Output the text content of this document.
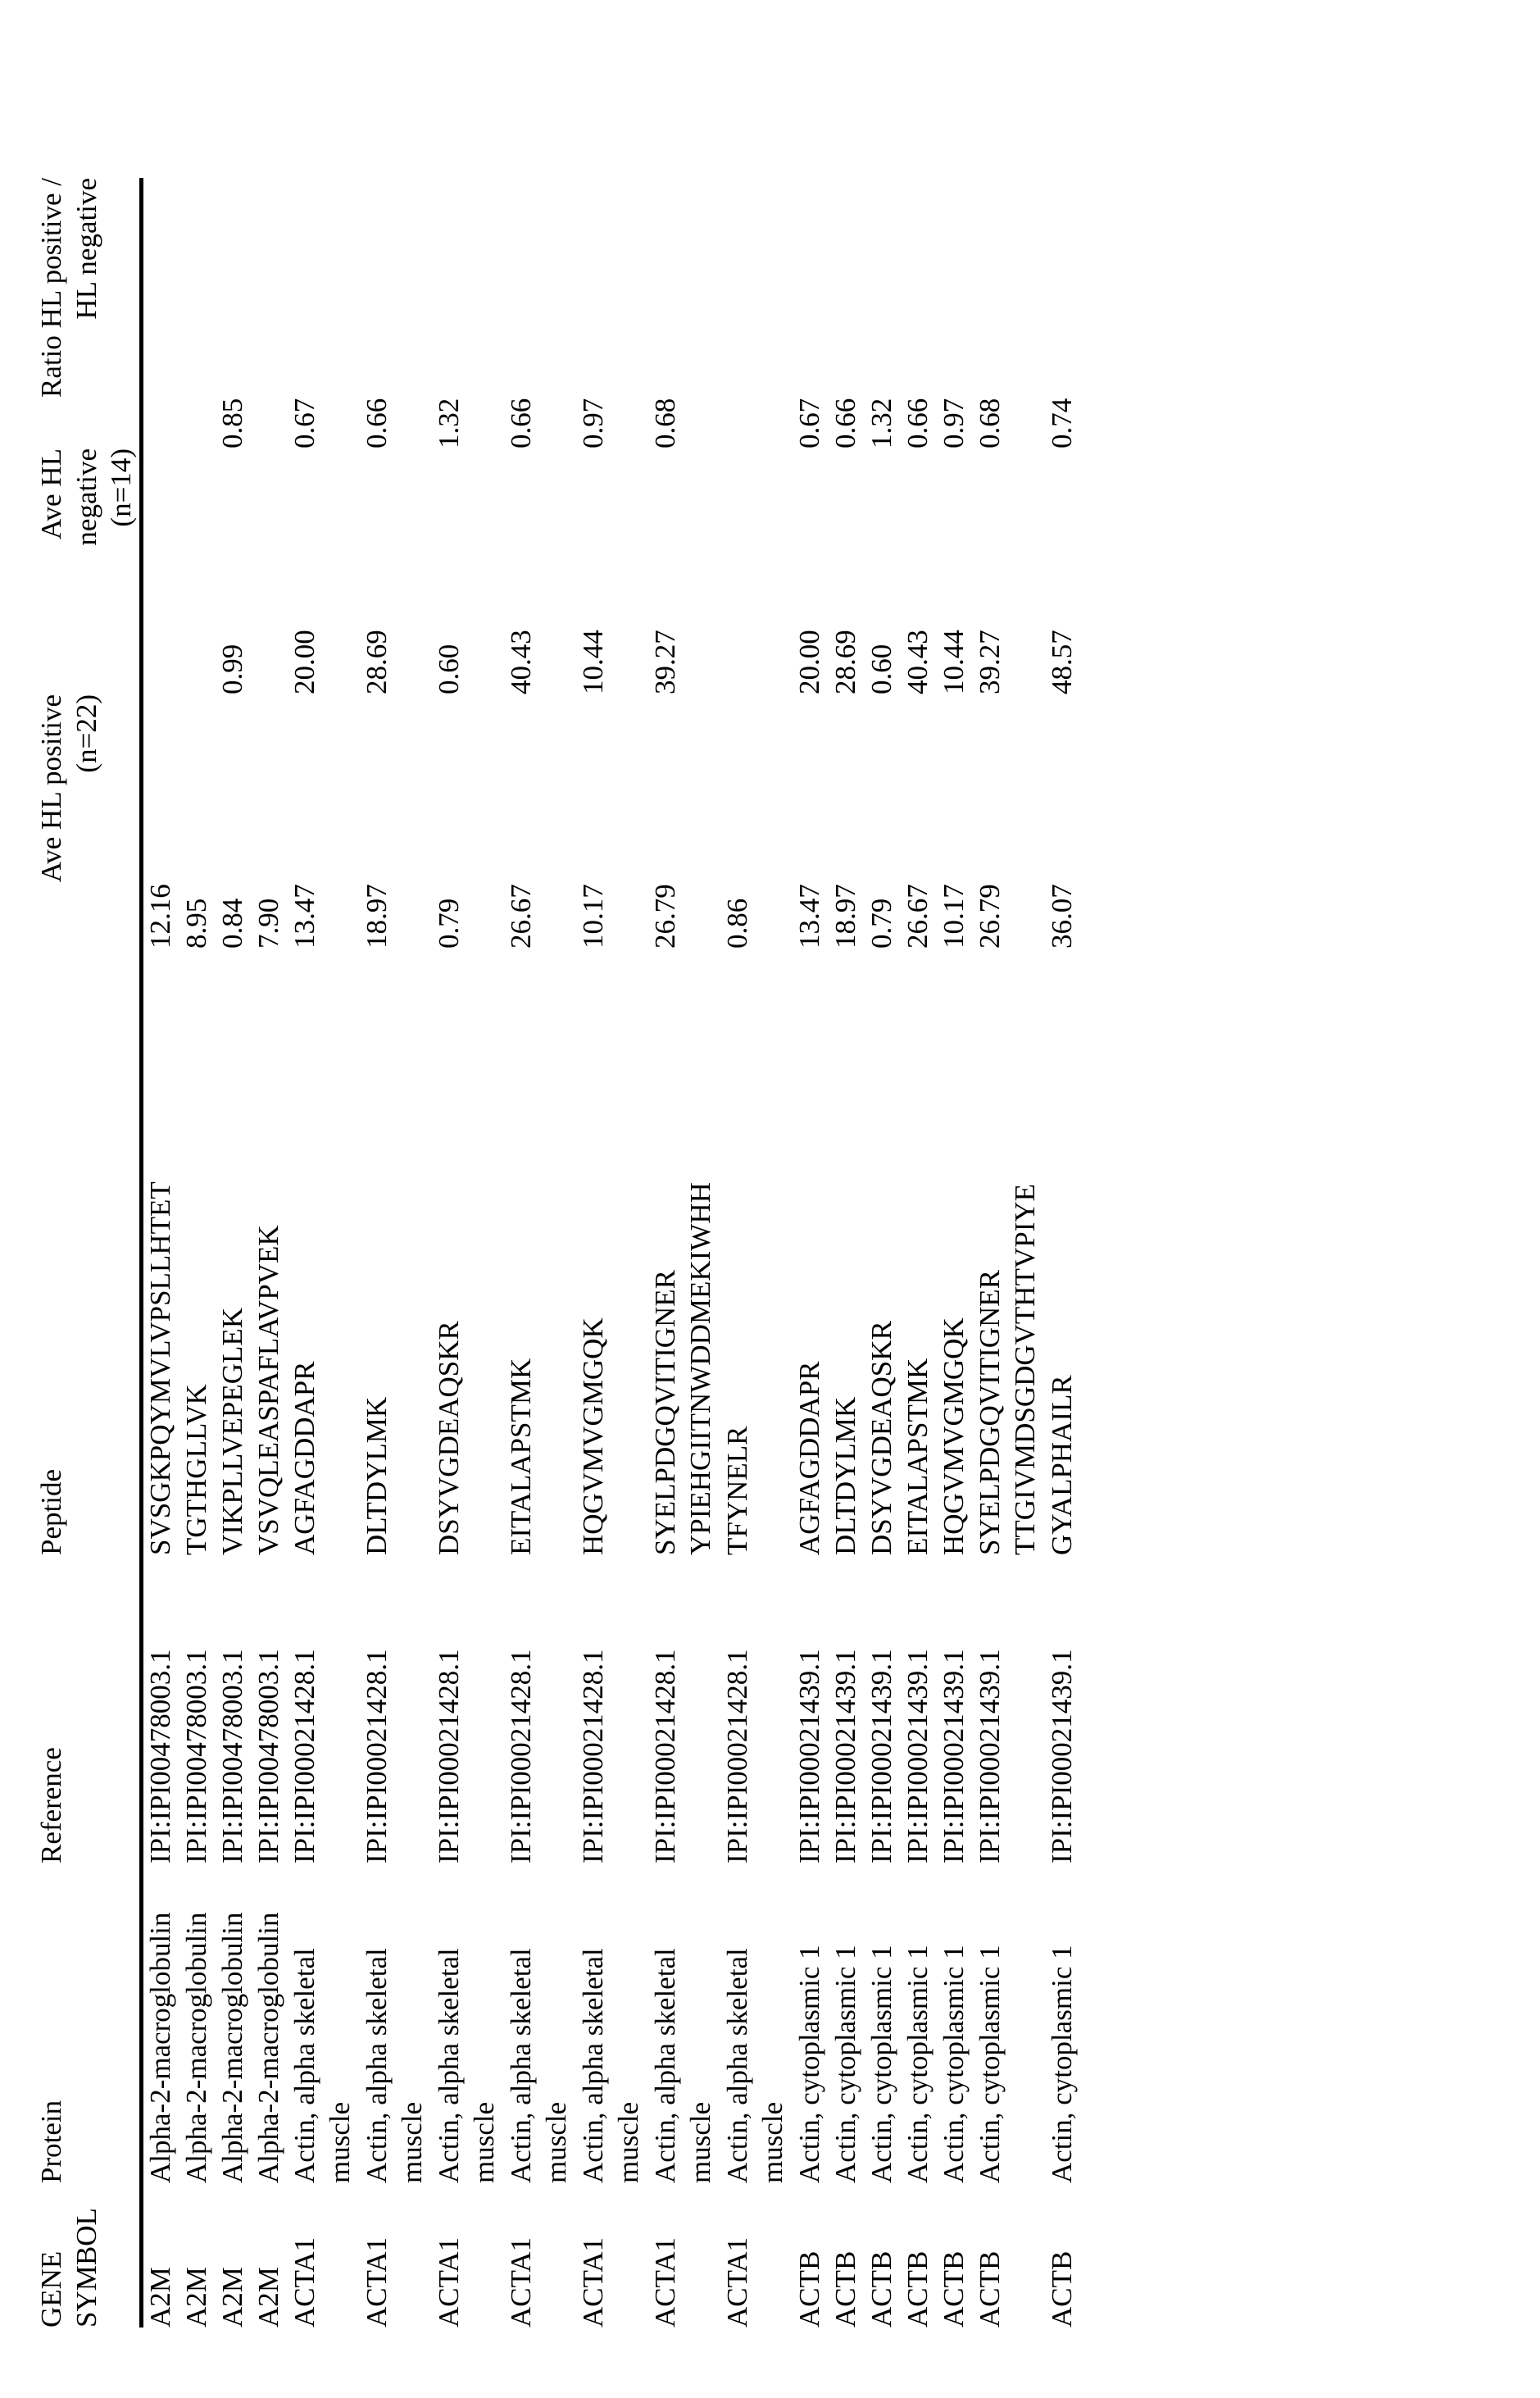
GENE SYMBOL	Protein	Reference	Peptide	Ave HL positive (n=22)	Ave HL negative (n=14)	Ratio HL positive / HL negative

A2M	Alpha-2-macroglobulin	IPI:IPI00478003.1	SVSGKPQYMVLVPSLLHTET	12.16		
A2M	Alpha-2-macroglobulin	IPI:IPI00478003.1	TGTHGLLVK	8.95		
A2M	Alpha-2-macroglobulin	IPI:IPI00478003.1	VIKPLLVEPEGLEK	0.84	0.99	0.85
A2M	Alpha-2-macroglobulin	IPI:IPI00478003.1	VSVQLEASPAFLAVPVEK	7.90		
ACTA1	Actin, alpha skeletal muscle	IPI:IPI00021428.1	AGFAGDDAPR	13.47	20.00	0.67
ACTA1	Actin, alpha skeletal muscle	IPI:IPI00021428.1	DLTDYLMK	18.97	28.69	0.66
ACTA1	Actin, alpha skeletal muscle	IPI:IPI00021428.1	DSYVGDEAQSKR	0.79	0.60	1.32
ACTA1	Actin, alpha skeletal muscle	IPI:IPI00021428.1	EITALAPSTMK	26.67	40.43	0.66
ACTA1	Actin, alpha skeletal muscle	IPI:IPI00021428.1	HQGVMVGMGQK	10.17	10.44	0.97
ACTA1	Actin, alpha skeletal muscle	IPI:IPI00021428.1	SYELPDGQVITIGNER YPIEHGIITNWDDMEKIWHH	26.79	39.27	0.68
ACTA1	Actin, alpha skeletal muscle	IPI:IPI00021428.1	TFYNELR	0.86		
ACTB	Actin, cytoplasmic 1	IPI:IPI00021439.1	AGFAGDDAPR	13.47	20.00	0.67
ACTB	Actin, cytoplasmic 1	IPI:IPI00021439.1	DLTDYLMK	18.97	28.69	0.66
ACTB	Actin, cytoplasmic 1	IPI:IPI00021439.1	DSYVGDEAQSKR	0.79	0.60	1.32
ACTB	Actin, cytoplasmic 1	IPI:IPI00021439.1	EITALAPSTMK	26.67	40.43	0.66
ACTB	Actin, cytoplasmic 1	IPI:IPI00021439.1	HQGVMVGMGQK	10.17	10.44	0.97
ACTB	Actin, cytoplasmic 1	IPI:IPI00021439.1	SYELPDGQVITIGNER TTGIVMDSGDGVTHTVPIYE	26.79	39.27	0.68
ACTB	Actin, cytoplasmic 1	IPI:IPI00021439.1	GYALPHAILR	36.07	48.57	0.74
